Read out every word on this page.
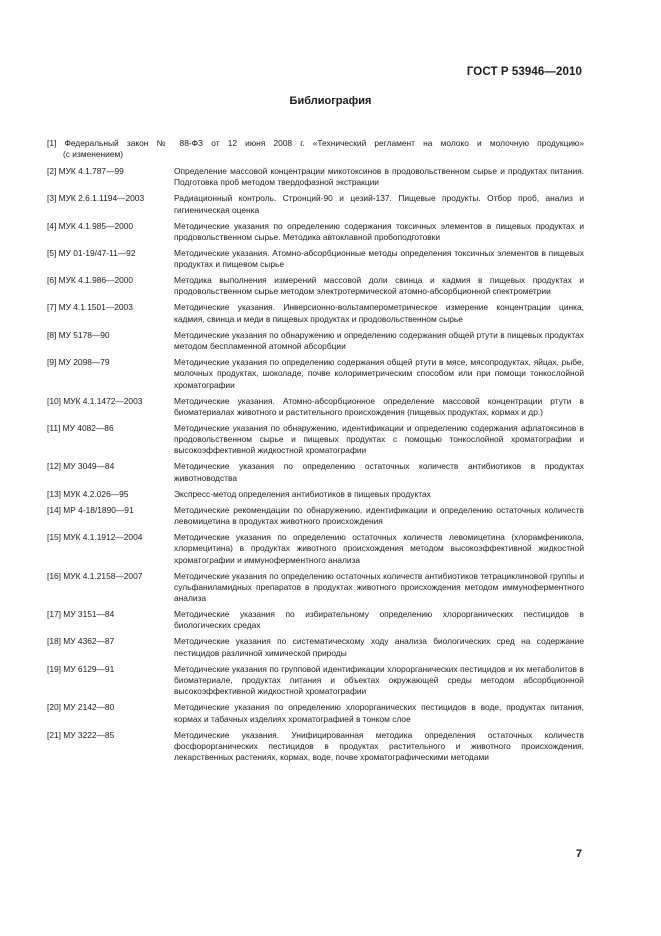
ГОСТ Р 53946—2010
Библиография
[1] Федеральный закон № 88-ФЗ от 12 июня 2008 г. «Технический регламент на молоко и молочную продукцию»
(с изменением)
[2] МУК 4.1.787—99	Определение массовой концентрации микотоксинов в продовольственном сырье и продуктах питания. Подготовка проб методом твердофазной экстракции
[3] МУК 2.6.1.1194—2003	Радиационный контроль. Стронций-90 и цезий-137. Пищевые продукты. Отбор проб, анализ и гигиеническая оценка
[4] МУК 4.1.985—2000	Методические указания по определению содержания токсичных элементов в пищевых продуктах и продовольственном сырье. Методика автоклавной пробоподготовки
[5] МУ 01-19/47-11—92	Методические указания. Атомно-абсорбционные методы определения токсичных элементов в пищевых продуктах и пищевом сырье
[6] МУК 4.1.986—2000	Методика выполнения измерений массовой доли свинца и кадмия в пищевых продуктах и продовольственном сырье методом электротермической атомно-абсорбционной спектрометрии
[7] МУ 4.1.1501—2003	Методические указания. Инверсионно-вольтамперометрическое измерение концентрации цинка, кадмия, свинца и меди в пищевых продуктах и продовольственном сырье
[8] МУ 5178—90	Методические указания по обнаружению и определению содержания общей ртути в пищевых продуктах методом беспламенной атомной абсорбции
[9] МУ 2098—79	Методические указания по определению содержания общей ртути в мясе, мясопродуктах, яйцах, рыбе, молочных продуктах, шоколаде, почве колориметрическим способом или при помощи тонкослойной хроматографии
[10] МУК 4.1.1472—2003	Методические указания. Атомно-абсорбционное определение массовой концентрации ртути в биоматериалах животного и растительного происхождения (пищевых продуктах, кормах и др.)
[11] МУ 4082—86	Методические указания по обнаружению, идентификации и определению содержания афлатоксинов в продовольственном сырье и пищевых продуктах с помощью тонкослойной хроматографии и высокоэффективной жидкостной хроматографии
[12] МУ 3049—84	Методические указания по определению остаточных количеств антибиотиков в продуктах животноводства
[13] МУК 4.2.026—95	Экспресс-метод определения антибиотиков в пищевых продуктах
[14] МР 4-18/1890—91	Методические рекомендации по обнаружению, идентификации и определению остаточных количеств левомицетина в продуктах животного происхождения
[15] МУК 4.1.1912—2004	Методические указания по определению остаточных количеств левомицетина (хлорамфеникола, хлормецитина) в продуктах животного происхождения методом высокоэффективной жидкостной хроматографии и иммуноферментного анализа
[16] МУК 4.1.2158—2007	Методические указания по определению остаточных количеств антибиотиков тетрациклиновой группы и сульфаниламидных препаратов в продуктах животного происхождения методом иммуноферментного анализа
[17] МУ 3151—84	Методические указания по избирательному определению хлорорганических пестицидов в биологических средах
[18] МУ 4362—87	Методические указания по систематическому ходу анализа биологических сред на содержание пестицидов различной химической природы
[19] МУ 6129—91	Методические указания по групповой идентификации хлорорганических пестицидов и их метаболитов в биоматериале, продуктах питания и объектах окружающей среды методом абсорбционной высокоэффективной жидкостной хроматографии
[20] МУ 2142—80	Методические указания по определению хлорорганических пестицидов в воде, продуктах питания, кормах и табачных изделиях хроматографией в тонком слое
[21] МУ 3222—85	Методические указания. Унифицированная методика определения остаточных количеств фосфорорганических пестицидов в продуктах растительного и животного происхождения, лекарственных растениях, кормах, воде, почве хроматографическими методами
7
